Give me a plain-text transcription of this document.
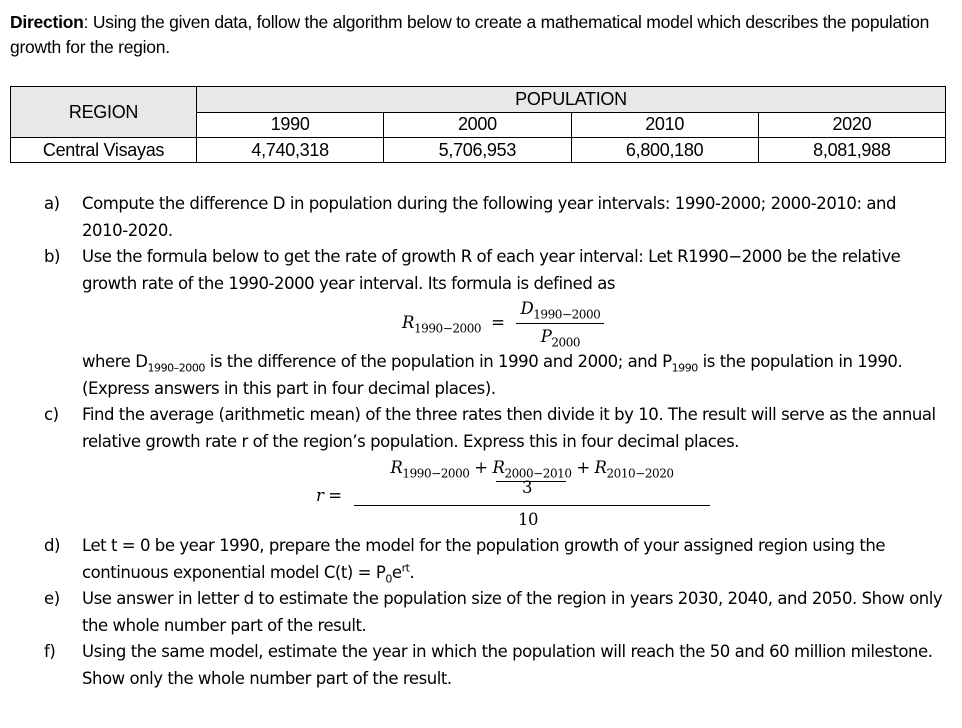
Direction: Using the given data, follow the algorithm below to create a mathematical model which describes the population growth for the region.
REGION	POPULATION			
	1990	2000	2010	2020
Central Visayas	4,740,318	5,706,953	6,800,180	8,081,988
a) Compute the difference D in population during the following year intervals: 1990-2000; 2000-2010: and 2010-2020.
b) Use the formula below to get the rate of growth R of each year interval: Let R1990−2000 be the relative growth rate of the 1990-2000 year interval. Its formula is defined as
$R_{1990-2000} = \frac{D_{1990-2000}}{P_{2000}}$
where $D_{1990-2000}$ is the difference of the population in 1990 and 2000; and $P_{1990}$ is the population in 1990. (Express answers in this part in four decimal places).
c) Find the average (arithmetic mean) of the three rates then divide it by 10. The result will serve as the annual relative growth rate r of the region’s population. Express this in four decimal places.
r =
$R_{1990-2000} + R_{2000-2010} + R_{2010-2020}$
3
10
d) Let t = 0 be year 1990, prepare the model for the population growth of your assigned region using the continuous exponential model $C(t) = P_0e^{rt}$.
e) Use answer in letter d to estimate the population size of the region in years 2030, 2040, and 2050. Show only the whole number part of the result.
f) Using the same model, estimate the year in which the population will reach the 50 and 60 million milestone. Show only the whole number part of the result.
